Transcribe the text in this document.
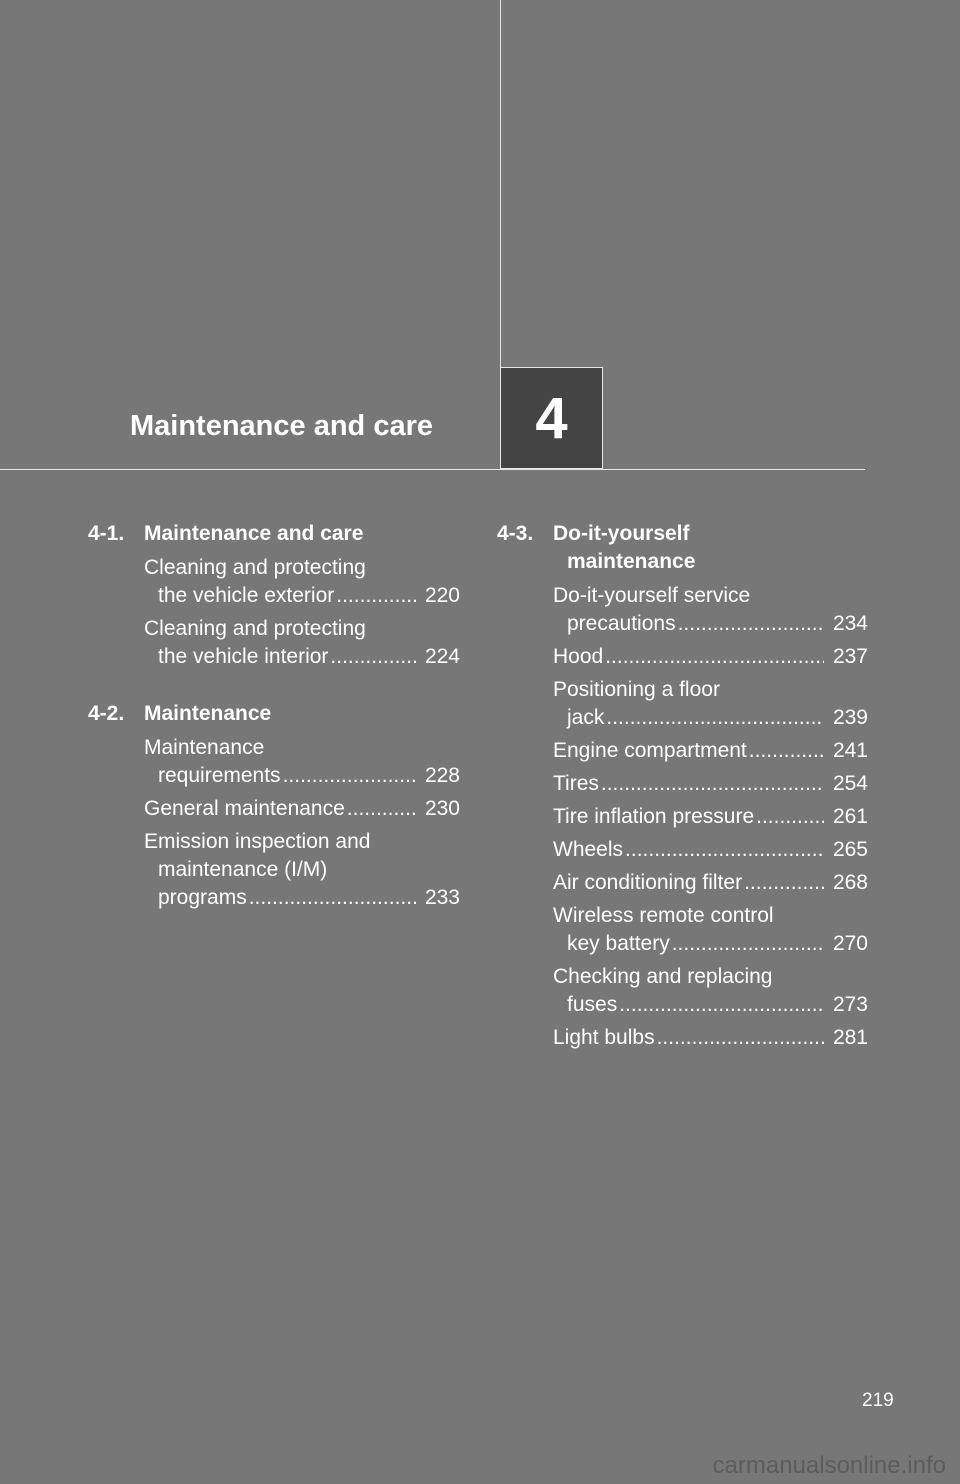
Maintenance and care 4
4-1. Maintenance and care
Cleaning and protecting
the vehicle exterior .....	220
Cleaning and protecting
the vehicle interior .....	224
4-2. Maintenance
Maintenance
requirements .....	228
General maintenance .....	230
Emission inspection and
maintenance (I/M)
programs .....	233
4-3. Do-it-yourself
maintenance
Do-it-yourself service
precautions .....	234
Hood .....	237
Positioning a floor
jack .....	239
Engine compartment .....	241
Tires .....	254
Tire inflation pressure .....	261
Wheels .....	265
Air conditioning filter .....	268
Wireless remote control
key battery .....	270
Checking and replacing
fuses .....	273
Light bulbs .....	281
219
carmanualsonline.info
